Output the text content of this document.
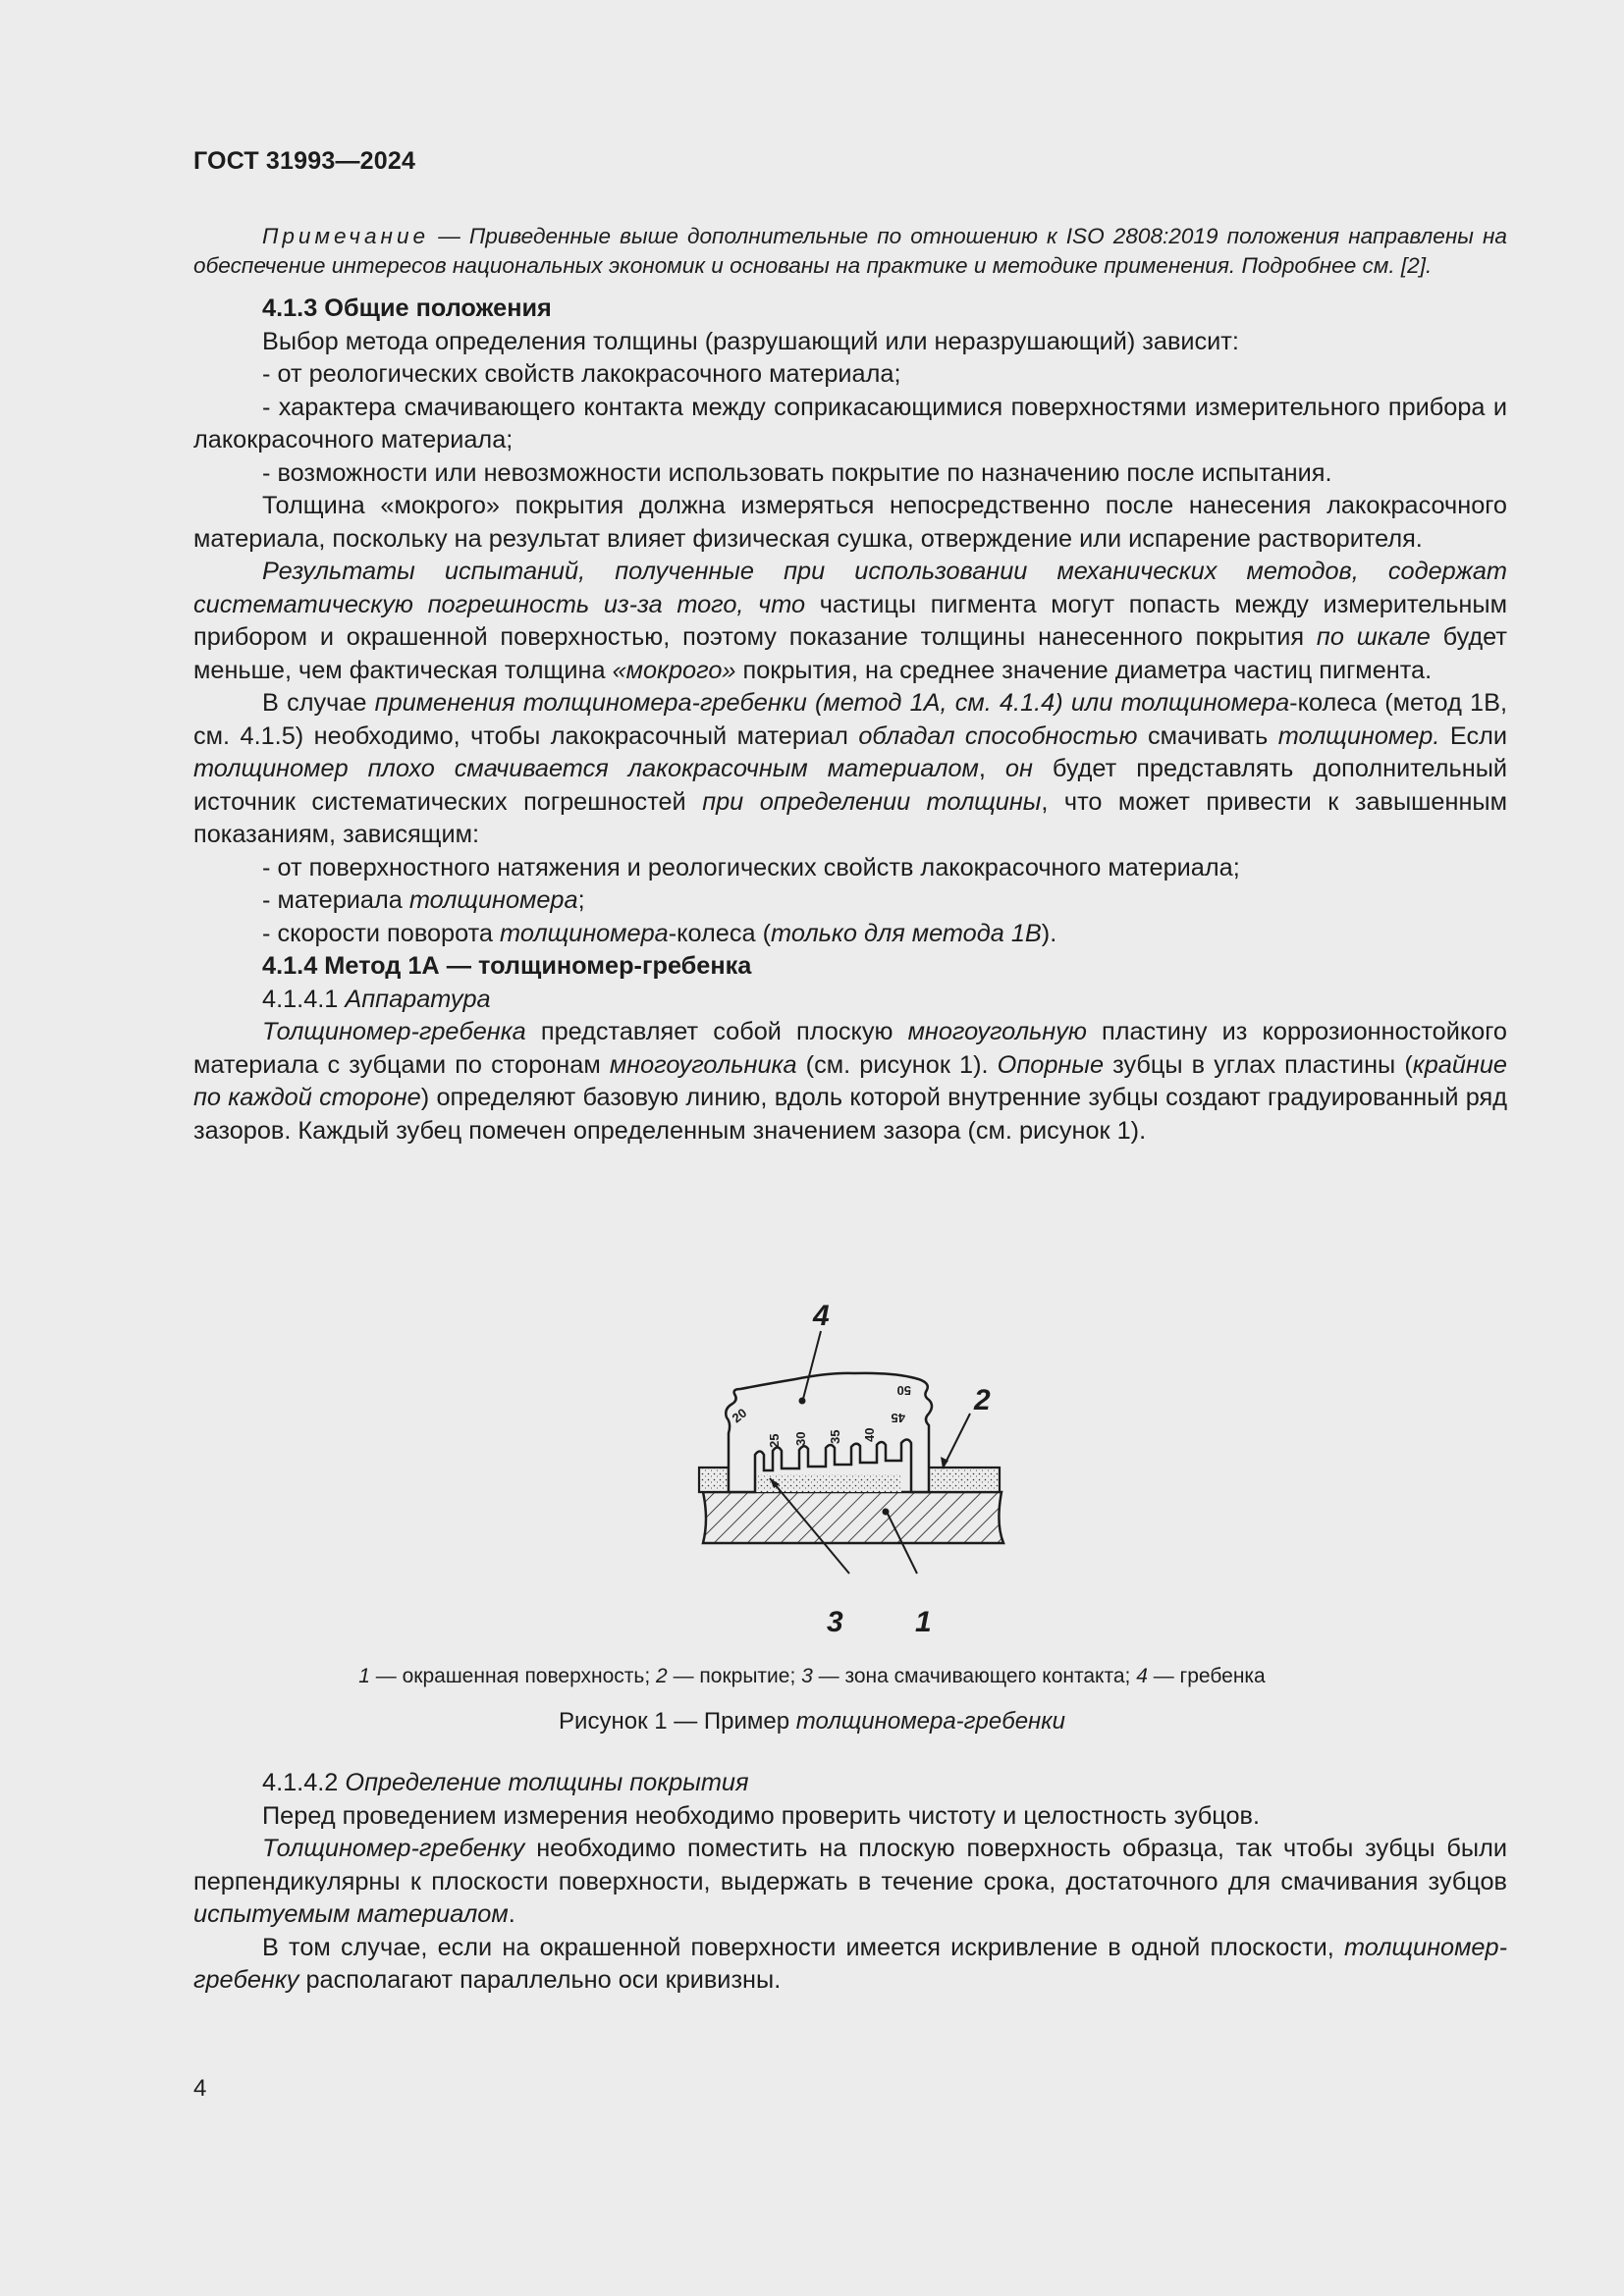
ГОСТ 31993—2024

Примечание — Приведенные выше дополнительные по отношению к ISO 2808:2019 положения направлены на обеспечение интересов национальных экономик и основаны на практике и методике применения. Подробнее см. [2].

4.1.3 Общие положения

Выбор метода определения толщины (разрушающий или неразрушающий) зависит:

- от реологических свойств лакокрасочного материала;

- характера смачивающего контакта между соприкасающимися поверхностями измерительного прибора и лакокрасочного материала;

- возможности или невозможности использовать покрытие по назначению после испытания.

Толщина «мокрого» покрытия должна измеряться непосредственно после нанесения лакокрасочного материала, поскольку на результат влияет физическая сушка, отверждение или испарение растворителя.

Результаты испытаний, полученные при использовании механических методов, содержат систематическую погрешность из-за того, что частицы пигмента могут попасть между измерительным прибором и окрашенной поверхностью, поэтому показание толщины нанесенного покрытия по шкале будет меньше, чем фактическая толщина «мокрого» покрытия, на среднее значение диаметра частиц пигмента.

В случае применения толщиномера-гребенки (метод 1А, см. 4.1.4) или толщиномера-колеса (метод 1В, см. 4.1.5) необходимо, чтобы лакокрасочный материал обладал способностью смачивать толщиномер. Если толщиномер плохо смачивается лакокрасочным материалом, он будет представлять дополнительный источник систематических погрешностей при определении толщины, что может привести к завышенным показаниям, зависящим:

- от поверхностного натяжения и реологических свойств лакокрасочного материала;

- материала толщиномера;

- скорости поворота толщиномера-колеса (только для метода 1В).

4.1.4 Метод 1А — толщиномер-гребенка

4.1.4.1 Аппаратура

Толщиномер-гребенка представляет собой плоскую многоугольную пластину из коррозионностойкого материала с зубцами по сторонам многоугольника (см. рисунок 1). Опорные зубцы в углах пластины (крайние по каждой стороне) определяют базовую линию, вдоль которой внутренние зубцы создают градуированный ряд зазоров. Каждый зубец помечен определенным значением зазора (см. рисунок 1).

20
25 30 35 40
45
50
4
2
3 1
1 — окрашенная поверхность; 2 — покрытие; 3 — зона смачивающего контакта; 4 — гребенка
Рисунок 1 — Пример толщиномера-гребенки

4.1.4.2 Определение толщины покрытия

Перед проведением измерения необходимо проверить чистоту и целостность зубцов.

Толщиномер-гребенку необходимо поместить на плоскую поверхность образца, так чтобы зубцы были перпендикулярны к плоскости поверхности, выдержать в течение срока, достаточного для смачивания зубцов испытуемым материалом.

В том случае, если на окрашенной поверхности имеется искривление в одной плоскости, толщиномер-гребенку располагают параллельно оси кривизны.

4
